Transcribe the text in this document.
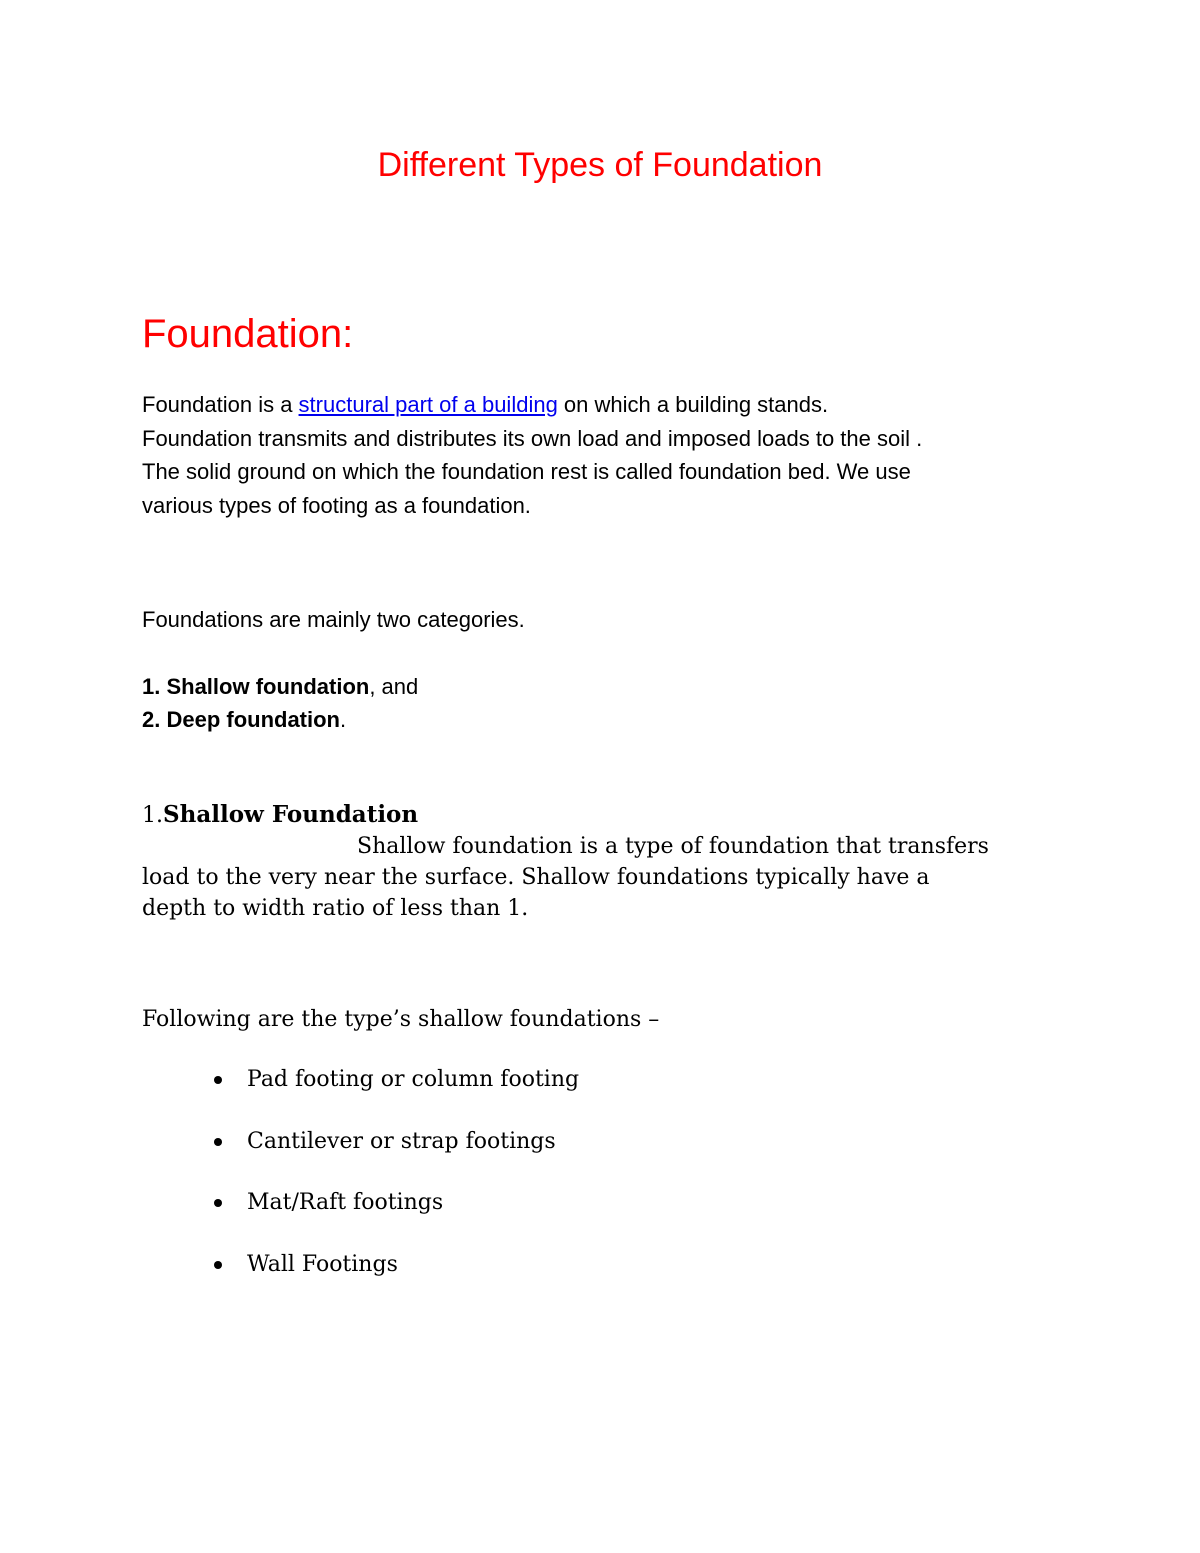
Different Types of Foundation
Foundation:
Foundation is a structural part of a building on which a building stands.
Foundation transmits and distributes its own load and imposed loads to the soil .
The solid ground on which the foundation rest is called foundation bed. We use
various types of footing as a foundation.
Foundations are mainly two categories.
1. Shallow foundation, and
2. Deep foundation.
1.Shallow Foundation
Shallow foundation is a type of foundation that transfers
load to the very near the surface. Shallow foundations typically have a
depth to width ratio of less than 1.
Following are the type’s shallow foundations –
Pad footing or column footing
Cantilever or strap footings
Mat/Raft footings
Wall Footings
